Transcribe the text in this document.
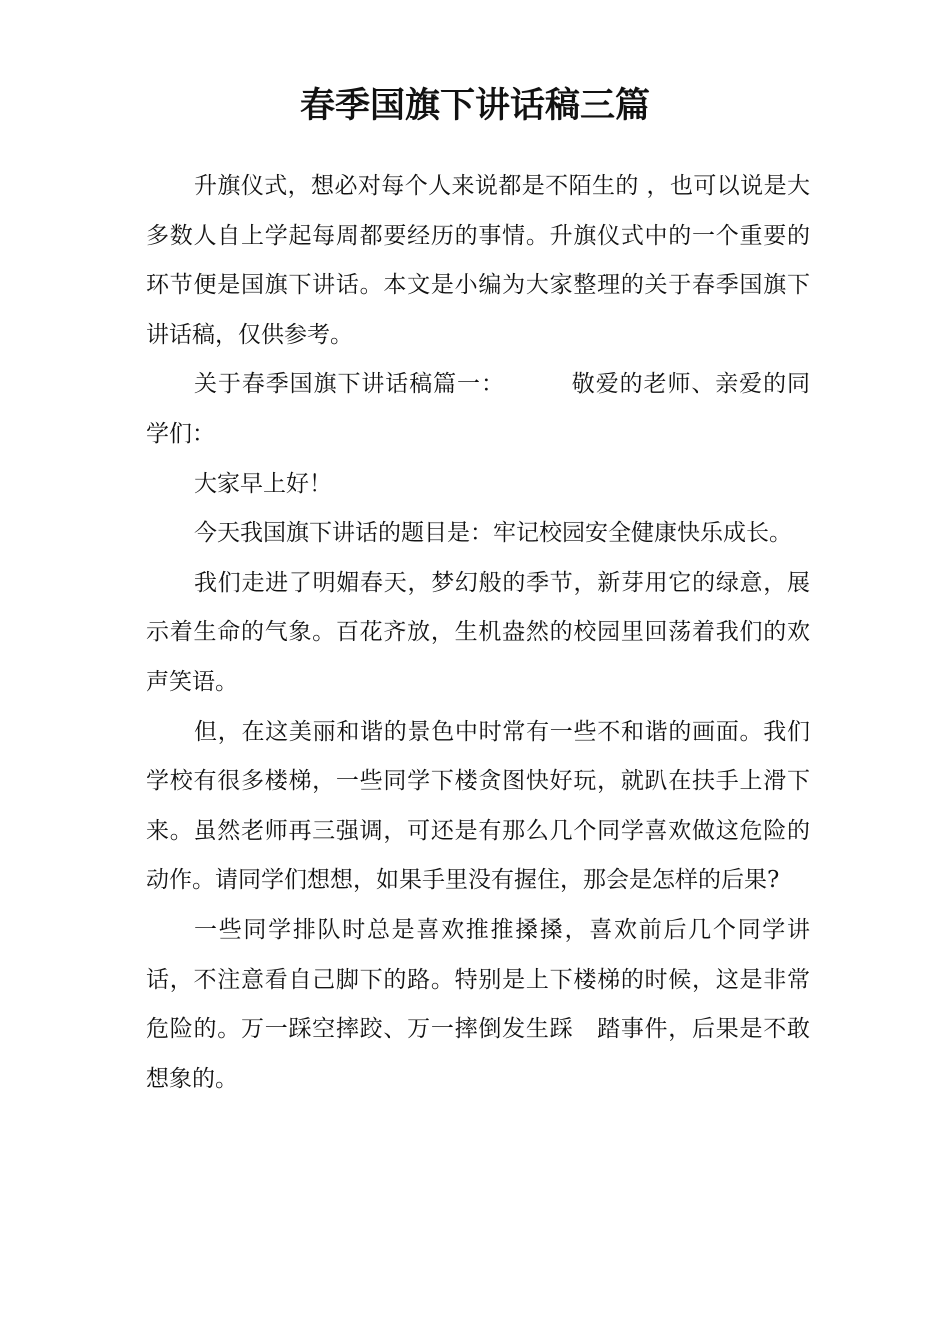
春季国旗下讲话稿三篇

升旗仪式，想必对每个人来说都是不陌生的 ，也可以说是大多数人自上学起每周都要经历的事情。升旗仪式中的一个重要的环节便是国旗下讲话。本文是小编为大家整理的关于春季国旗下讲话稿，仅供参考。

关于春季国旗下讲话稿篇一：	敬爱的老师、亲爱的同学们：

大家早上好！

今天我国旗下讲话的题目是：牢记校园安全健康快乐成长。

我们走进了明媚春天，梦幻般的季节，新芽用它的绿意，展示着生命的气象。百花齐放，生机盎然的校园里回荡着我们的欢声笑语。

但，在这美丽和谐的景色中时常有一些不和谐的画面。我们学校有很多楼梯，一些同学下楼贪图快好玩，就趴在扶手上滑下来。虽然老师再三强调，可还是有那么几个同学喜欢做这危险的动作。请同学们想想，如果手里没有握住，那会是怎样的后果?

一些同学排队时总是喜欢推推搡搡，喜欢前后几个同学讲话，不注意看自己脚下的路。特别是上下楼梯的时候，这是非常危险的。万一踩空摔跤、万一摔倒发生踩　踏事件，后果是不敢想象的。
